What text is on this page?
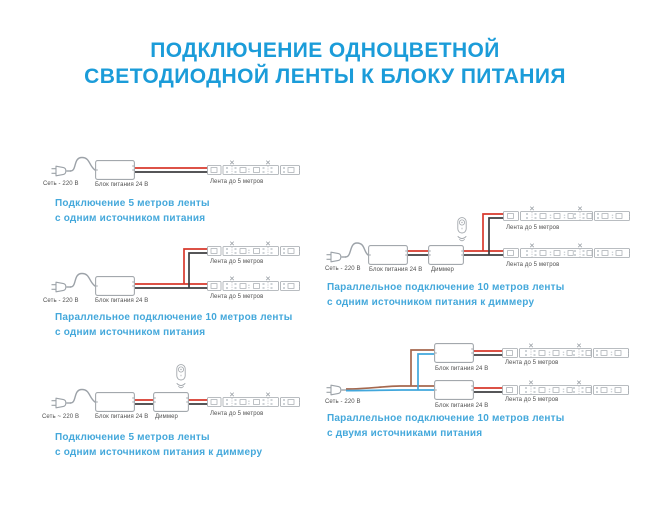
ПОДКЛЮЧЕНИЕ ОДНОЦВЕТНОЙ
СВЕТОДИОДНОЙ ЛЕНТЫ К БЛОКУ ПИТАНИЯ
Сеть - 220 В	Блок питания 24 В	Лента до 5 метров
Подключение 5 метров ленты
с одним источником питания
Лента до 5 метров
Сеть - 220 В	Блок питания 24 В
Лента до 5 метров
Параллельное подключение 10 метров ленты
с одним источником питания
Сеть ~ 220 В	Блок питания 24 В Диммер	Лента до 5 метров
Подключение 5 метров ленты
с одним источником питания к диммеру
Лента до 5 метров
Сеть - 220 В Блок питания 24 В Диммер
Лента до 5 метров
Параллельное подключение 10 метров ленты
с одним источником питания к диммеру
Лента до 5 метров
Блок питания 24 В
Сеть - 220 В	Лента до 5 метров
Блок питания 24 В
Параллельное подключение 10 метров ленты
с двумя источниками питания
